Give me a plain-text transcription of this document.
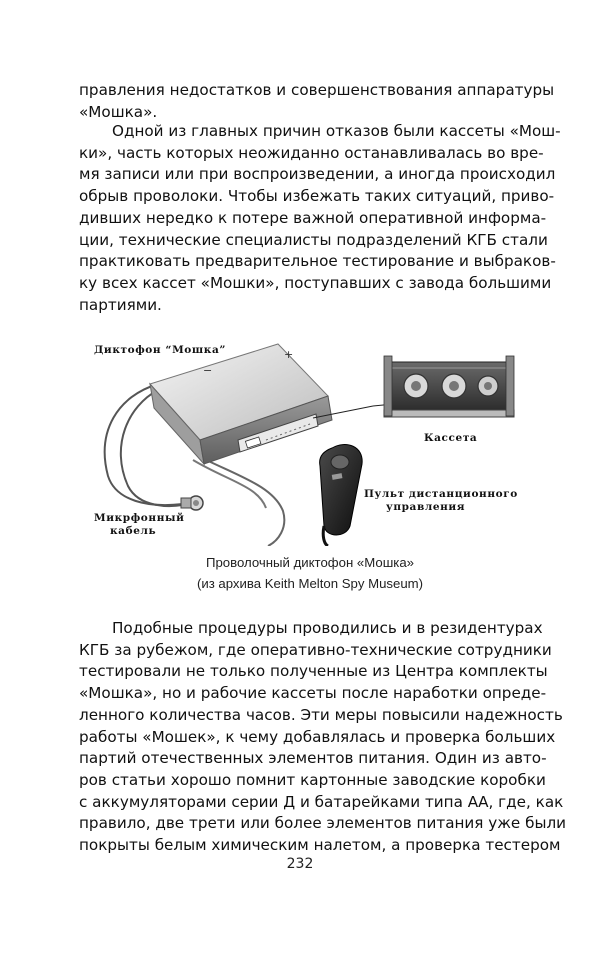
правления недостатков и совершенствования аппаратуры
«Мошка».
Одной из главных причин отказов были кассеты «Мош-
ки», часть которых неожиданно останавливалась во вре-
мя записи или при воспроизведении, а иногда происходил
обрыв проволоки. Чтобы избежать таких ситуаций, приво-
дивших нередко к потере важной оперативной информа-
ции, технические специалисты подразделений КГБ стали
практиковать предварительное тестирование и выбраков-
ку всех кассет «Мошки», поступавших с завода большими
партиями.
−
+
Диктофон “Мошка”
Кассета
Пульт дистанционного
управления
Микрфонный
кабель
Проволочный диктофон «Мошка»
(из архива Keith Melton Spy Museum)
Подобные процедуры проводились и в резидентурах
КГБ за рубежом, где оперативно-технические сотрудники
тестировали не только полученные из Центра комплекты
«Мошка», но и рабочие кассеты после наработки опреде-
ленного количества часов. Эти меры повысили надежность
работы «Мошек», к чему добавлялась и проверка больших
партий отечественных элементов питания. Один из авто-
ров статьи хорошо помнит картонные заводские коробки
с аккумуляторами серии Д и батарейками типа АА, где, как
правило, две трети или более элементов питания уже были
покрыты белым химическим налетом, а проверка тестером
232
